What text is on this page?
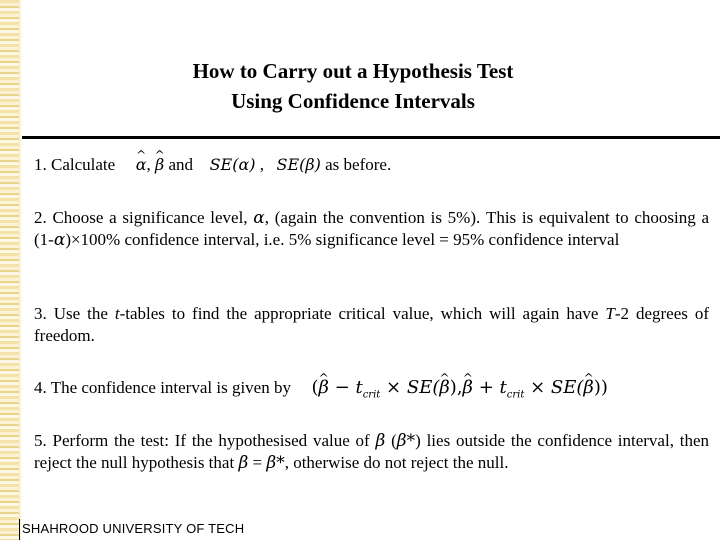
How to Carry out a Hypothesis Test
Using Confidence Intervals
1. Calculate α ^, β ^ and SE(α) , SE(β) as before.
2. Choose a significance level, α, (again the convention is 5%). This is equivalent to choosing a (1-α)×100% confidence interval, i.e. 5% significance level = 95% confidence interval
3. Use the t-tables to find the appropriate critical value, which will again have T-2 degrees of freedom.
4. The confidence interval is given by (β ^ − $t_{crit} \times SE(\beta$ ^),β ^ + $t_{crit} \times SE(\beta$ ^))
5. Perform the test: If the hypothesised value of β (β*) lies outside the confidence interval, then reject the null hypothesis that β = β*, otherwise do not reject the null.
SHAHROOD UNIVERSITY OF TECH
